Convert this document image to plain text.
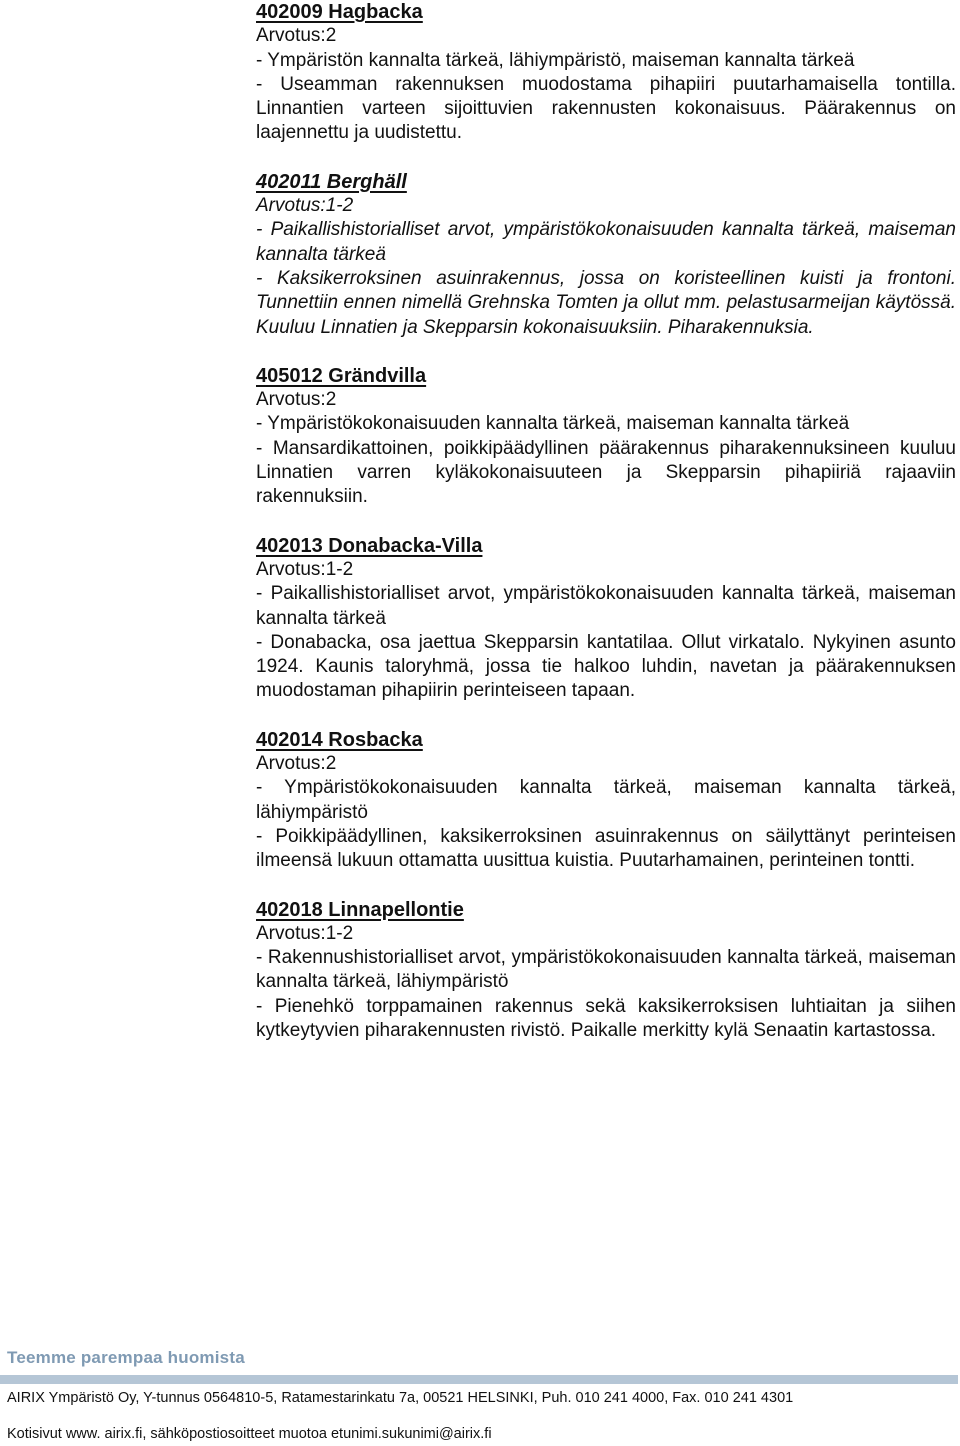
402009 Hagbacka
Arvotus:2

- Ympäristön kannalta tärkeä, lähiympäristö, maiseman kannalta tärkeä

- Useamman rakennuksen muodostama pihapiiri puutarhamaisella tontilla. Linnantien varteen sijoittuvien rakennusten kokonaisuus. Päärakennus on laajennettu ja uudistettu.

402011 Berghäll
Arvotus:1-2

- Paikallishistorialliset arvot, ympäristökokonaisuuden kannalta tärkeä, maiseman kannalta tärkeä

- Kaksikerroksinen asuinrakennus, jossa on koristeellinen kuisti ja frontoni. Tunnettiin ennen nimellä Grehnska Tomten ja ollut mm. pelastusarmeijan käytössä. Kuuluu Linnatien ja Skepparsin kokonaisuuksiin. Piharakennuksia.

405012 Grändvilla
Arvotus:2

- Ympäristökokonaisuuden kannalta tärkeä, maiseman kannalta tärkeä

- Mansardikattoinen, poikkipäädyllinen päärakennus piharakennuksineen kuuluu Linnatien varren kyläkokonaisuuteen ja Skepparsin pihapiiriä rajaaviin rakennuksiin.

402013 Donabacka-Villa
Arvotus:1-2

- Paikallishistorialliset arvot, ympäristökokonaisuuden kannalta tärkeä, maiseman kannalta tärkeä

- Donabacka, osa jaettua Skepparsin kantatilaa. Ollut virkatalo. Nykyinen asunto 1924. Kaunis taloryhmä, jossa tie halkoo luhdin, navetan ja päärakennuksen muodostaman pihapiirin perinteiseen tapaan.

402014 Rosbacka
Arvotus:2

- Ympäristökokonaisuuden kannalta tärkeä, maiseman kannalta tärkeä, lähiympäristö

- Poikkipäädyllinen, kaksikerroksinen asuinrakennus on säilyttänyt perinteisen ilmeensä lukuun ottamatta uusittua kuistia. Puutarhamainen, perinteinen tontti.

402018 Linnapellontie
Arvotus:1-2

- Rakennushistorialliset arvot, ympäristökokonaisuuden kannalta tärkeä, maiseman kannalta tärkeä, lähiympäristö

- Pienehkö torppamainen rakennus sekä kaksikerroksisen luhtiaitan ja siihen kytkeytyvien piharakennusten rivistö. Paikalle merkitty kylä Senaatin kartastossa.

Teemme parempaa huomista
AIRIX Ympäristö Oy, Y-tunnus 0564810-5, Ratamestarinkatu 7a, 00521 HELSINKI, Puh. 010 241 4000, Fax. 010 241 4301
Kotisivut www. airix.fi, sähköpostiosoitteet muotoa etunimi.sukunimi@airix.fi
